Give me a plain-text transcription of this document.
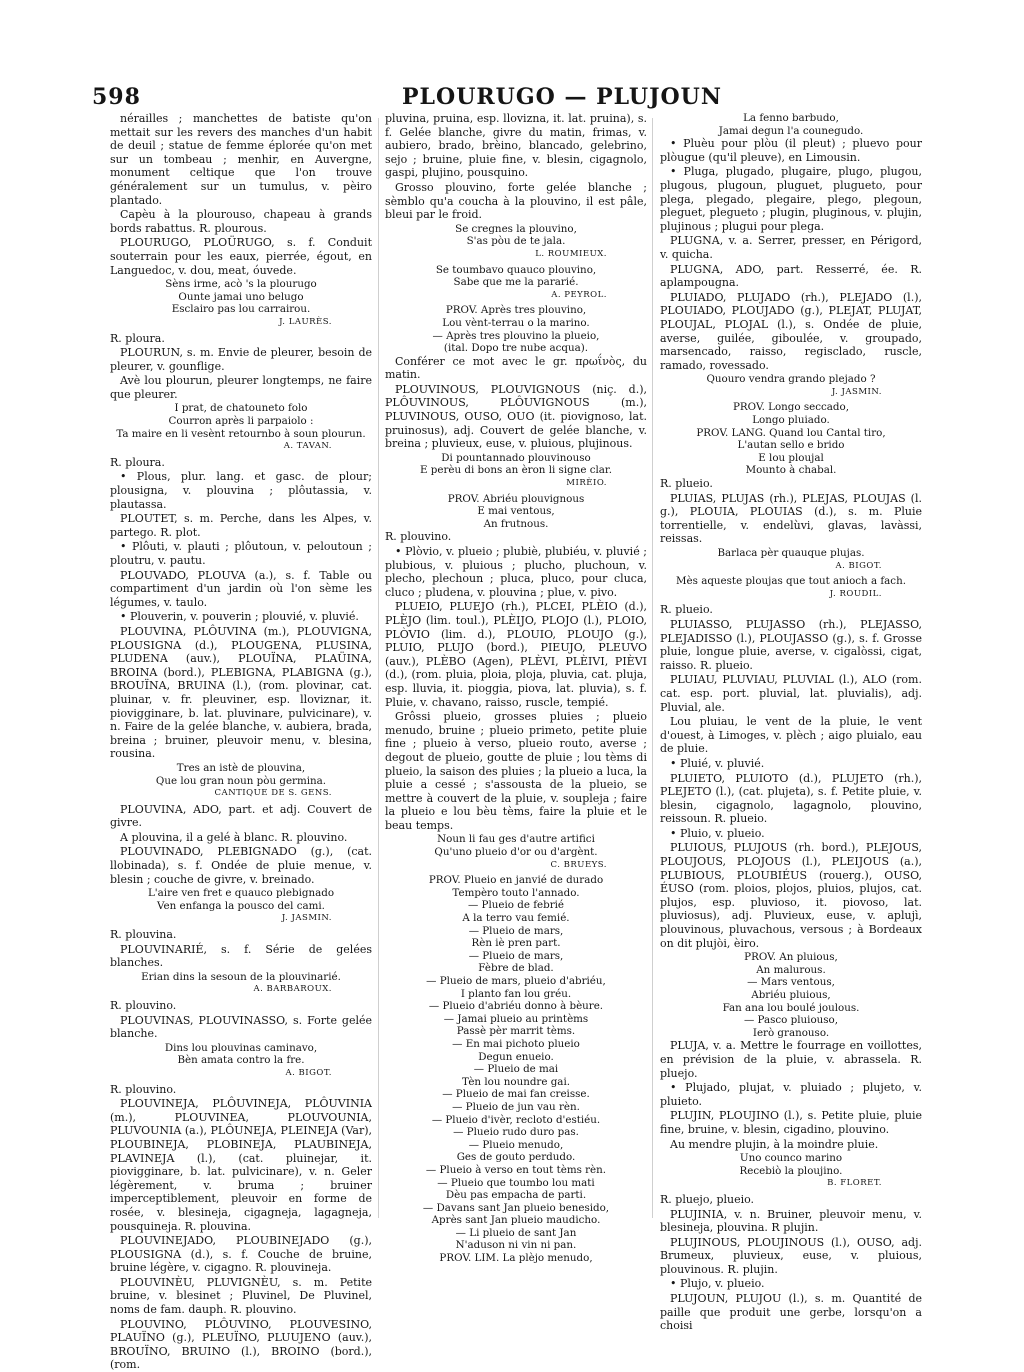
598	PLOURUGO — PLUJOUN
nérailles ; manchettes de batiste qu'on mettait sur les revers des manches d'un habit de deuil ; statue de femme éplorée qu'on met sur un tombeau ; menhir, en Auvergne, monument celtique que l'on trouve généralement sur un tumulus, v. pèiro plantado.
Capèu à la plourouso, chapeau à grands bords rabattus. R. plourous.
PLOURUGO, PLOÜRUGO, s. f. Conduit souterrain pour les eaux, pierrée, égout, en Languedoc, v. dou, meat, óuvede.
Sèns irme, acò 's la plourugo
Ounte jamai uno belugo
Esclairo pas lou carrairou.
J. LAURÈS.
R. ploura.
PLOURUN, s. m. Envie de pleurer, besoin de pleurer, v. gounflige.
Avè lou plourun, pleurer longtemps, ne faire que pleurer.
I prat, de chatouneto folo
Courron après li parpaiolo :
Ta maire en li vesènt retournbo à soun plourun.
A. TAVAN.
R. ploura.
• Plous, plur. lang. et gasc. de plour; plousigna, v. plouvina ; plôutassia, v. plautassa.
PLOUTET, s. m. Perche, dans les Alpes, v. partego. R. plot.
• Plôuti, v. plauti ; plôutoun, v. peloutoun ; ploutru, v. pautu.
PLOUVADO, PLOUVA (a.), s. f. Table ou compartiment d'un jardin où l'on sème les légumes, v. taulo.
• Plouverin, v. pouverin ; plouvié, v. pluvié.
PLOUVINA, PLÔUVINA (m.), PLOUVIGNA, PLOUSIGNA (d.), PLOUGENA, PLUSINA, PLUDENA (auv.), PLOUÏNA, PLAÜINA, BROINA (bord.), PLEBIGNA, PLABIGNA (g.), BROUÏNA, BRUINA (l.), (rom. plovinar, cat. pluinar, v. fr. pleuviner, esp. lloviznar, it. piovigginare, b. lat. pluvinare, pulvicinare), v. n. Faire de la gelée blanche, v. aubiera, brada, breina ; bruiner, pleuvoir menu, v. blesina, rousina.
Tres an istè de plouvina,
Que lou gran noun pòu germina.
CANTIQUE DE S. GENS.
PLOUVINA, ADO, part. et adj. Couvert de givre.
A plouvina, il a gelé à blanc. R. plouvino.
PLOUVINADO, PLEBIGNADO (g.), (cat. llobinada), s. f. Ondée de pluie menue, v. blesin ; couche de givre, v. breinado.
L'aire ven fret e quauco plebignado
Ven enfanga la pousco del cami.
J. JASMIN.
R. plouvina.
PLOUVINARIÉ, s. f. Série de gelées blanches.
Erian dins la sesoun de la plouvinarié.
A. BARBAROUX.
R. plouvino.
PLOUVINAS, PLOUVINASSO, s. Forte gelée blanche.
Dins lou plouvinas caminavo,
Bèn amata contro la fre.
A. BIGOT.
R. plouvino.
PLOUVINEJA, PLÔUVINEJA, PLÔUVINIA (m.), PLOUVINEA, PLOUVOUNIA, PLUVOUNIA (a.), PLÔUNEJA, PLEINEJA (Var), PLOUBINEJA, PLOBINEJA, PLAUBINEJA, PLAVINEJA (l.), (cat. pluinejar, it. piovigginare, b. lat. pulvicinare), v. n. Geler légèrement, v. bruma ; bruiner imperceptiblement, pleuvoir en forme de rosée, v. blesineja, cigagneja, lagagneja, pousquineja. R. plouvina.
PLOUVINEJADO, PLOUBINEJADO (g.), PLOUSIGNA (d.), s. f. Couche de bruine, bruine légère, v. cigagno. R. plouvineja.
PLOUVINÈU, PLUVIGNÈU, s. m. Petite bruine, v. blesinet ; Pluvinel, De Pluvinel, noms de fam. dauph. R. plouvino.
PLOUVINO, PLÔUVINO, PLOUVESINO, PLAUÏNO (g.), PLEUÏNO, PLUUJENO (auv.), BROUÏNO, BRUINO (l.), BROINO (bord.), (rom.
pluvina, pruina, esp. llovizna, it. lat. pruina), s. f. Gelée blanche, givre du matin, frimas, v. aubiero, brado, brèino, blancado, gelebrino, sejo ; bruine, pluie fine, v. blesin, cigagnolo, gaspi, plujino, pousquino.
Grosso plouvino, forte gelée blanche ; sèmblo qu'a coucha à la plouvino, il est pâle, bleui par le froid.
Se cregnes la plouvino,
S'as pòu de te jala.
L. ROUMIEUX.
Se toumbavo quauco plouvino,
Sabe que me la pararié.
A. PEYROL.
PROV. Après tres plouvino,
Lou vènt-terrau o la marino.
— Après tres plouvino la plueio,
(ital. Dopo tre nube acqua).
Conférer ce mot avec le gr. πρωΐνὸς, du matin.
PLOUVINOUS, PLOUVIGNOUS (niç. d.), PLÔUVINOUS, PLÔUVIGNOUS (m.), PLUVINOUS, OUSO, OUO (it. piovignoso, lat. pruinosus), adj. Couvert de gelée blanche, v. breina ; pluvieux, euse, v. pluious, plujinous.
Di pountannado plouvinouso
E perèu di bons an èron li signe clar.
MIRÈIO.
PROV. Abriéu plouvignous
E mai ventous,
An frutnous.
R. plouvino.
• Plòvio, v. plueio ; plubiè, plubiéu, v. pluvié ; plubious, v. pluious ; plucho, pluchoun, v. plecho, plechoun ; pluca, pluco, pour cluca, cluco ; pludena, v. plouvina ; plue, v. pivo.
PLUEIO, PLUEJO (rh.), PLCEI, PLÈIO (d.), PLÈJO (lim. toul.), PLÈIJO, PLOJO (l.), PLOIO, PLÒVIO (lim. d.), PLOUIO, PLOUJO (g.), PLUIO, PLUJO (bord.), PIEUJO, PLEUVO (auv.), PLÈBO (Agen), PLÈVI, PLÈIVI, PIÈVI (d.), (rom. pluia, ploia, ploja, pluvia, cat. pluja, esp. lluvia, it. pioggia, piova, lat. pluvia), s. f. Pluie, v. chavano, raisso, ruscle, tempié.
Grôssi plueio, grosses pluies ; plueio menudo, bruine ; plueio primeto, petite pluie fine ; plueio à verso, plueio routo, averse ; degout de plueio, goutte de pluie ; lou tèms di plueio, la saison des pluies ; la plueio a luca, la pluie a cessé ; s'assousta de la plueio, se mettre à couvert de la pluie, v. soupleja ; faire la plueio e lou bèu tèms, faire la pluie et le beau temps.
Noun li fau ges d'autre artifici
Qu'uno plueio d'or ou d'argènt.
C. BRUEYS.
PROV. Plueio en janvié de durado
Tempèro touto l'annado.
— Plueio de febrié
A la terro vau femié.
— Plueio de mars,
Rèn iè pren part.
— Plueio de mars,
Fèbre de blad.
— Plueio de mars, plueio d'abriéu,
I planto fan lou gréu.
— Plueio d'abriéu donno à bèure.
— Jamai plueio au printèms
Passè pèr marrit tèms.
— En mai pichoto plueio
Degun enueio.
— Plueio de mai
Tèn lou noundre gai.
— Plueio de mai fan creisse.
— Plueio de jun vau rèn.
— Plueio d'ivèr, recloto d'estiéu.
— Plueio rudo duro pas.
— Plueio menudo,
Ges de gouto perdudo.
— Plueio à verso en tout tèms rèn.
— Plueio que toumbo lou mati
Dèu pas empacha de parti.
— Davans sant Jan plueio benesido,
Après sant Jan plueio maudicho.
— Li plueio de sant Jan
N'aduson ni vin ni pan.
PROV. LIM. La plèjo menudo,
La fenno barbudo,
Jamai degun l'a counegudo.
• Pluèu pour plòu (il pleut) ; pluevo pour plòugue (qu'il pleuve), en Limousin.
• Pluga, plugado, plugaire, plugo, plugou, plugous, plugoun, pluguet, plugueto, pour plega, plegado, plegaire, plego, plegoun, pleguet, plegueto ; plugin, pluginous, v. plujin, plujinous ; plugui pour plega.
PLUGNA, v. a. Serrer, presser, en Périgord, v. quicha.
PLUGNA, ADO, part. Resserré, ée. R. aplampougna.
PLUIADO, PLUJADO (rh.), PLEJADO (l.), PLOUIADO, PLOUJADO (g.), PLEJAT, PLUJAT, PLOUJAL, PLOJAL (l.), s. Ondée de pluie, averse, guilée, giboulée, v. groupado, marsencado, raisso, regisclado, ruscle, ramado, rovessado.
Quouro vendra grando plejado ?
J. JASMIN.
PROV. Longo seccado,
Longo pluiado.
PROV. LANG. Quand lou Cantal tiro,
L'autan sello e brido
E lou ploujal
Mounto à chabal.
R. plueio.
PLUIAS, PLUJAS (rh.), PLEJAS, PLOUJAS (l. g.), PLOUIA, PLOUIAS (d.), s. m. Pluie torrentielle, v. endelùvi, glavas, lavàssi, reissas.
Barlaca pèr quauque plujas.
A. BIGOT.
Mès aqueste ploujas que tout anioch a fach.
J. ROUDIL.
R. plueio.
PLUIASSO, PLUJASSO (rh.), PLEJASSO, PLEJADISSO (l.), PLOUJASSO (g.), s. f. Grosse pluie, longue pluie, averse, v. cigalòssi, cigat, raisso. R. plueio.
PLUIAU, PLUVIAU, PLUVIAL (l.), ALO (rom. cat. esp. port. pluvial, lat. pluvialis), adj. Pluvial, ale.
Lou pluiau, le vent de la pluie, le vent d'ouest, à Limoges, v. plèch ; aigo pluialo, eau de pluie.
• Pluié, v. pluvié.
PLUIETO, PLUIOTO (d.), PLUJETO (rh.), PLEJETO (l.), (cat. plujeta), s. f. Petite pluie, v. blesin, cigagnolo, lagagnolo, plouvino, reissoun. R. plueio.
• Pluio, v. plueio.
PLUIOUS, PLUJOUS (rh. bord.), PLEJOUS, PLOUJOUS, PLOJOUS (l.), PLEIJOUS (a.), PLUBIOUS, PLOUBIÉUS (rouerg.), OUSO, ÉUSO (rom. ploios, plojos, pluios, plujos, cat. plujos, esp. pluvioso, it. piovoso, lat. pluviosus), adj. Pluvieux, euse, v. aplujì, plouvinous, pluvachous, versous ; à Bordeaux on dit plujòi, èiro.
PROV. An pluious,
An malurous.
— Mars ventous,
Abriéu pluious,
Fan ana lou boulé joulous.
— Pasco pluiouso,
Ierò granouso.
PLUJA, v. a. Mettre le fourrage en voillottes, en prévision de la pluie, v. abrassela. R. pluejo.
• Plujado, plujat, v. pluiado ; plujeto, v. pluieto.
PLUJIN, PLOUJINO (l.), s. Petite pluie, pluie fine, bruine, v. blesin, cigadino, plouvino.
Au mendre plujin, à la moindre pluie.
Uno counco marino
Recebiò la ploujino.
B. FLORET.
R. pluejo, plueio.
PLUJINIA, v. n. Bruiner, pleuvoir menu, v. blesineja, plouvina. R plujin.
PLUJINOUS, PLOUJINOUS (l.), OUSO, adj. Brumeux, pluvieux, euse, v. pluious, plouvinous. R. plujin.
• Plujo, v. plueio.
PLUJOUN, PLUJOU (l.), s. m. Quantité de paille que produit une gerbe, lorsqu'on a choisi
